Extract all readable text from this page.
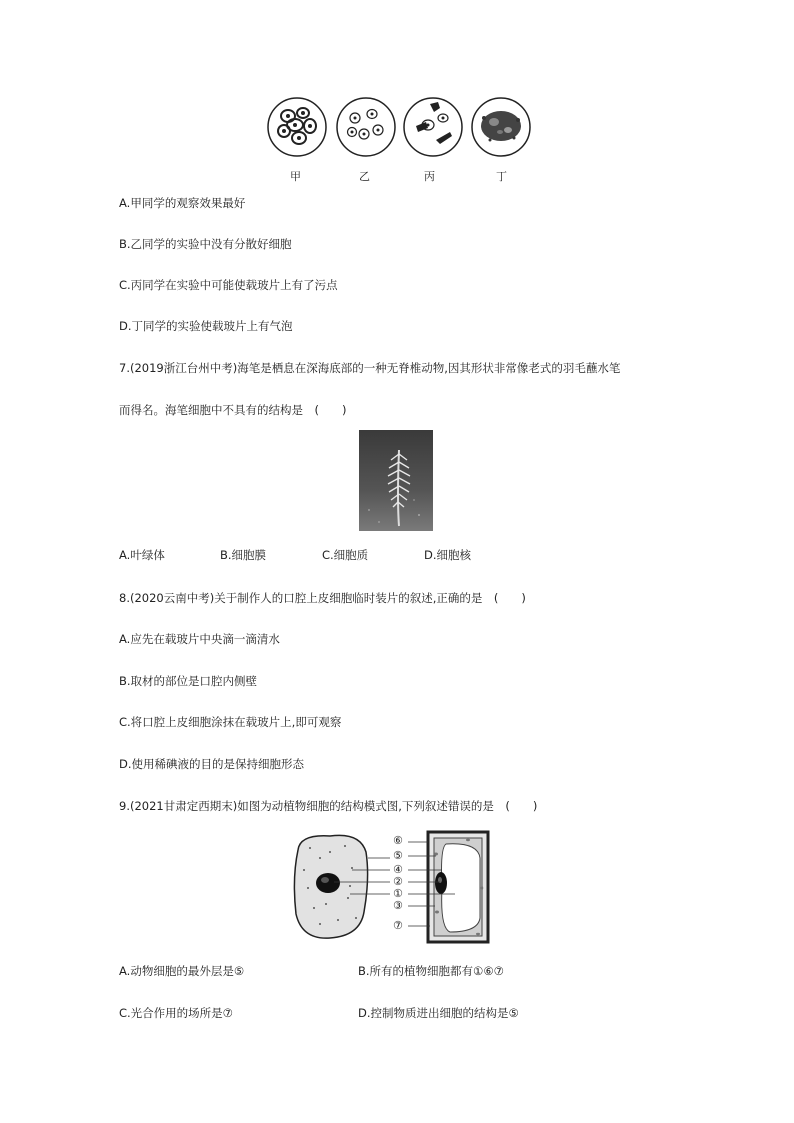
甲	乙	丙	丁
A.甲同学的观察效果最好
B.乙同学的实验中没有分散好细胞
C.丙同学在实验中可能使载玻片上有了污点
D.丁同学的实验使载玻片上有气泡
7.(2019浙江台州中考)海笔是栖息在深海底部的一种无脊椎动物,因其形状非常像老式的羽毛蘸水笔
而得名。海笔细胞中不具有的结构是　(　　)
A.叶绿体	B.细胞膜	C.细胞质	D.细胞核
8.(2020云南中考)关于制作人的口腔上皮细胞临时装片的叙述,正确的是　(　　)
A.应先在载玻片中央滴一滴清水
B.取材的部位是口腔内侧壁
C.将口腔上皮细胞涂抹在载玻片上,即可观察
D.使用稀碘液的目的是保持细胞形态
9.(2021甘肃定西期末)如图为动植物细胞的结构模式图,下列叙述错误的是　(　　)
⑥
⑤
④
②
①
③
⑦
A.动物细胞的最外层是⑤	B.所有的植物细胞都有①⑥⑦
C.光合作用的场所是⑦	D.控制物质进出细胞的结构是⑤
